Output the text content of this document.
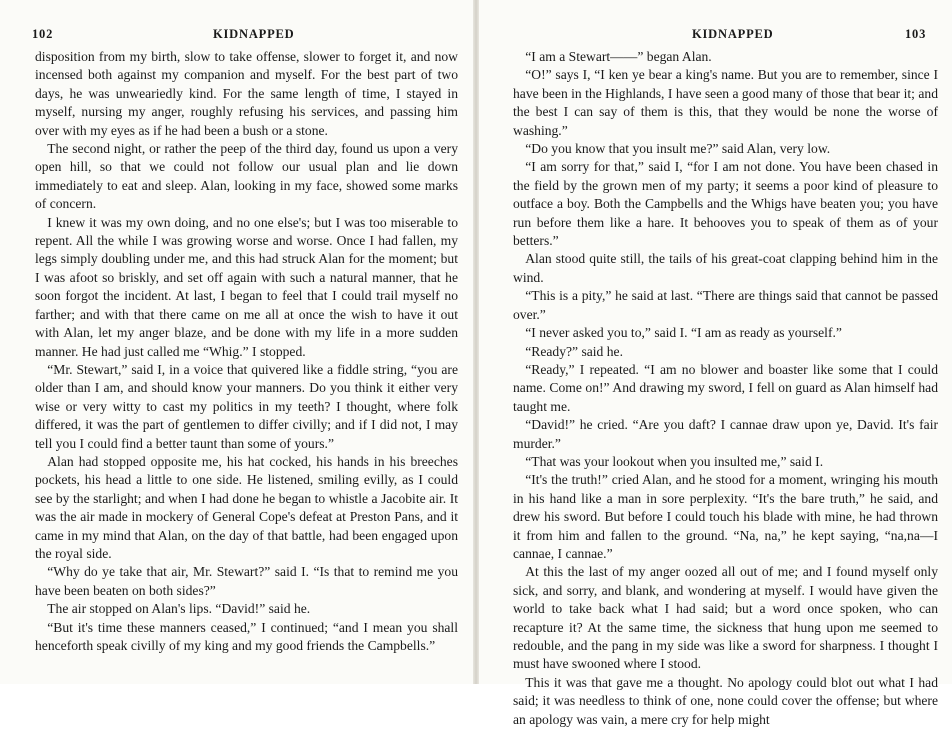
102	KIDNAPPED

disposition from my birth, slow to take offense, slower to forget it, and now incensed both against my companion and myself. For the best part of two days, he was unweariedly kind. For the same length of time, I stayed in myself, nursing my anger, roughly refusing his services, and passing him over with my eyes as if he had been a bush or a stone.

The second night, or rather the peep of the third day, found us upon a very open hill, so that we could not follow our usual plan and lie down immediately to eat and sleep. Alan, looking in my face, showed some marks of concern.

I knew it was my own doing, and no one else's; but I was too miserable to repent. All the while I was growing worse and worse. Once I had fallen, my legs simply doubling under me, and this had struck Alan for the moment; but I was afoot so briskly, and set off again with such a natural manner, that he soon forgot the incident. At last, I began to feel that I could trail myself no farther; and with that there came on me all at once the wish to have it out with Alan, let my anger blaze, and be done with my life in a more sudden manner. He had just called me “Whig.” I stopped.

“Mr. Stewart,” said I, in a voice that quivered like a fiddle string, “you are older than I am, and should know your manners. Do you think it either very wise or very witty to cast my politics in my teeth? I thought, where folk differed, it was the part of gentlemen to differ civilly; and if I did not, I may tell you I could find a better taunt than some of yours.”

Alan had stopped opposite me, his hat cocked, his hands in his breeches pockets, his head a little to one side. He listened, smiling evilly, as I could see by the starlight; and when I had done he began to whistle a Jacobite air. It was the air made in mockery of General Cope's defeat at Preston Pans, and it came in my mind that Alan, on the day of that battle, had been engaged upon the royal side.

“Why do ye take that air, Mr. Stewart?” said I. “Is that to remind me you have been beaten on both sides?”

The air stopped on Alan's lips. “David!” said he.

“But it's time these manners ceased,” I continued; “and I mean you shall henceforth speak civilly of my king and my good friends the Campbells.”

KIDNAPPED	103

“I am a Stewart——” began Alan.

“O!” says I, “I ken ye bear a king's name. But you are to remember, since I have been in the Highlands, I have seen a good many of those that bear it; and the best I can say of them is this, that they would be none the worse of washing.”

“Do you know that you insult me?” said Alan, very low.

“I am sorry for that,” said I, “for I am not done. You have been chased in the field by the grown men of my party; it seems a poor kind of pleasure to outface a boy. Both the Campbells and the Whigs have beaten you; you have run before them like a hare. It behooves you to speak of them as of your betters.”

Alan stood quite still, the tails of his great-coat clapping behind him in the wind.

“This is a pity,” he said at last. “There are things said that cannot be passed over.”

“I never asked you to,” said I. “I am as ready as yourself.”

“Ready?” said he.

“Ready,” I repeated. “I am no blower and boaster like some that I could name. Come on!” And drawing my sword, I fell on guard as Alan himself had taught me.

“David!” he cried. “Are you daft? I cannae draw upon ye, David. It's fair murder.”

“That was your lookout when you insulted me,” said I.

“It's the truth!” cried Alan, and he stood for a moment, wringing his mouth in his hand like a man in sore perplexity. “It's the bare truth,” he said, and drew his sword. But before I could touch his blade with mine, he had thrown it from him and fallen to the ground. “Na, na,” he kept saying, “na,na—I cannae, I cannae.”

At this the last of my anger oozed all out of me; and I found myself only sick, and sorry, and blank, and wondering at myself. I would have given the world to take back what I had said; but a word once spoken, who can recapture it? At the same time, the sickness that hung upon me seemed to redouble, and the pang in my side was like a sword for sharpness. I thought I must have swooned where I stood.

This it was that gave me a thought. No apology could blot out what I had said; it was needless to think of one, none could cover the offense; but where an apology was vain, a mere cry for help might
